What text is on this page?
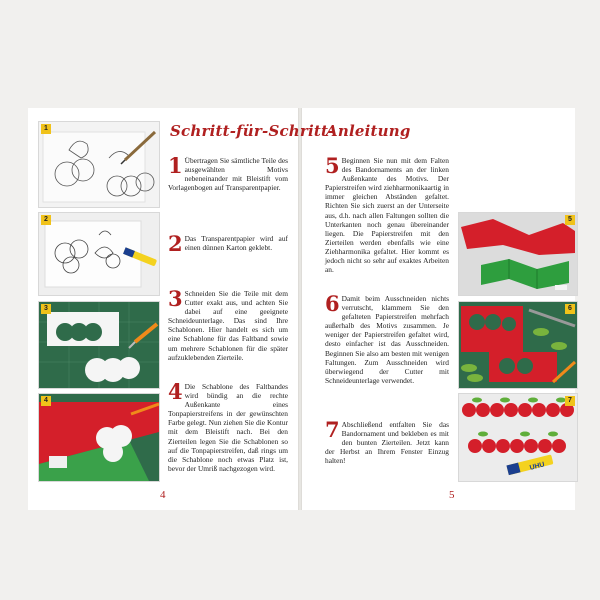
Schritt-für-Schritt-
Anleitung
1
2
3
4
5
6
UHU
7
1 Übertragen Sie sämtliche Teile des ausgewählten Motivs nebeneinander mit Bleistift vom Vorlagenbogen auf Transparentpapier.
2 Das Transparentpapier wird auf einen dünnen Karton geklebt.
3 Schneiden Sie die Teile mit dem Cutter exakt aus, und achten Sie dabei auf eine geeignete Schneideunterlage. Das sind Ihre Schablonen. Hier handelt es sich um eine Schablone für das Faltband sowie um mehrere Schablonen für die später aufzuklebenden Zierteile.
4 Die Schablone des Faltbandes wird bündig an die rechte Außenkante eines Tonpapierstreifens in der gewünschten Farbe gelegt. Nun ziehen Sie die Kontur mit dem Bleistift nach. Bei den Zierteilen legen Sie die Schablonen so auf die Tonpapierstreifen, daß rings um die Schablone noch etwas Platz ist, bevor der Umriß nachgezogen wird.
5 Beginnen Sie nun mit dem Falten des Bandornaments an der linken Außenkante des Motivs. Der Papierstreifen wird ziehharmonikaartig in immer gleichen Abständen gefaltet. Richten Sie sich zuerst an der Unterseite aus, d.h. nach allen Faltungen sollten die Unterkanten noch genau übereinander liegen. Die Papierstreifen mit den Zierteilen werden ebenfalls wie eine Ziehharmonika gefaltet. Hier kommt es jedoch nicht so sehr auf exaktes Arbeiten an.
6 Damit beim Ausschneiden nichts verrutscht, klammern Sie den gefalteten Papierstreifen mehrfach außerhalb des Motivs zusammen. Je weniger der Papierstreifen gefaltet wird, desto einfacher ist das Ausschneiden. Beginnen Sie also am besten mit wenigen Faltungen. Zum Ausschneiden wird überwiegend der Cutter mit Schneideunterlage verwendet.
7 Abschließend entfalten Sie das Bandornament und bekleben es mit den bunten Zierteilen. Jetzt kann der Herbst an Ihrem Fenster Einzug halten!
4	5
